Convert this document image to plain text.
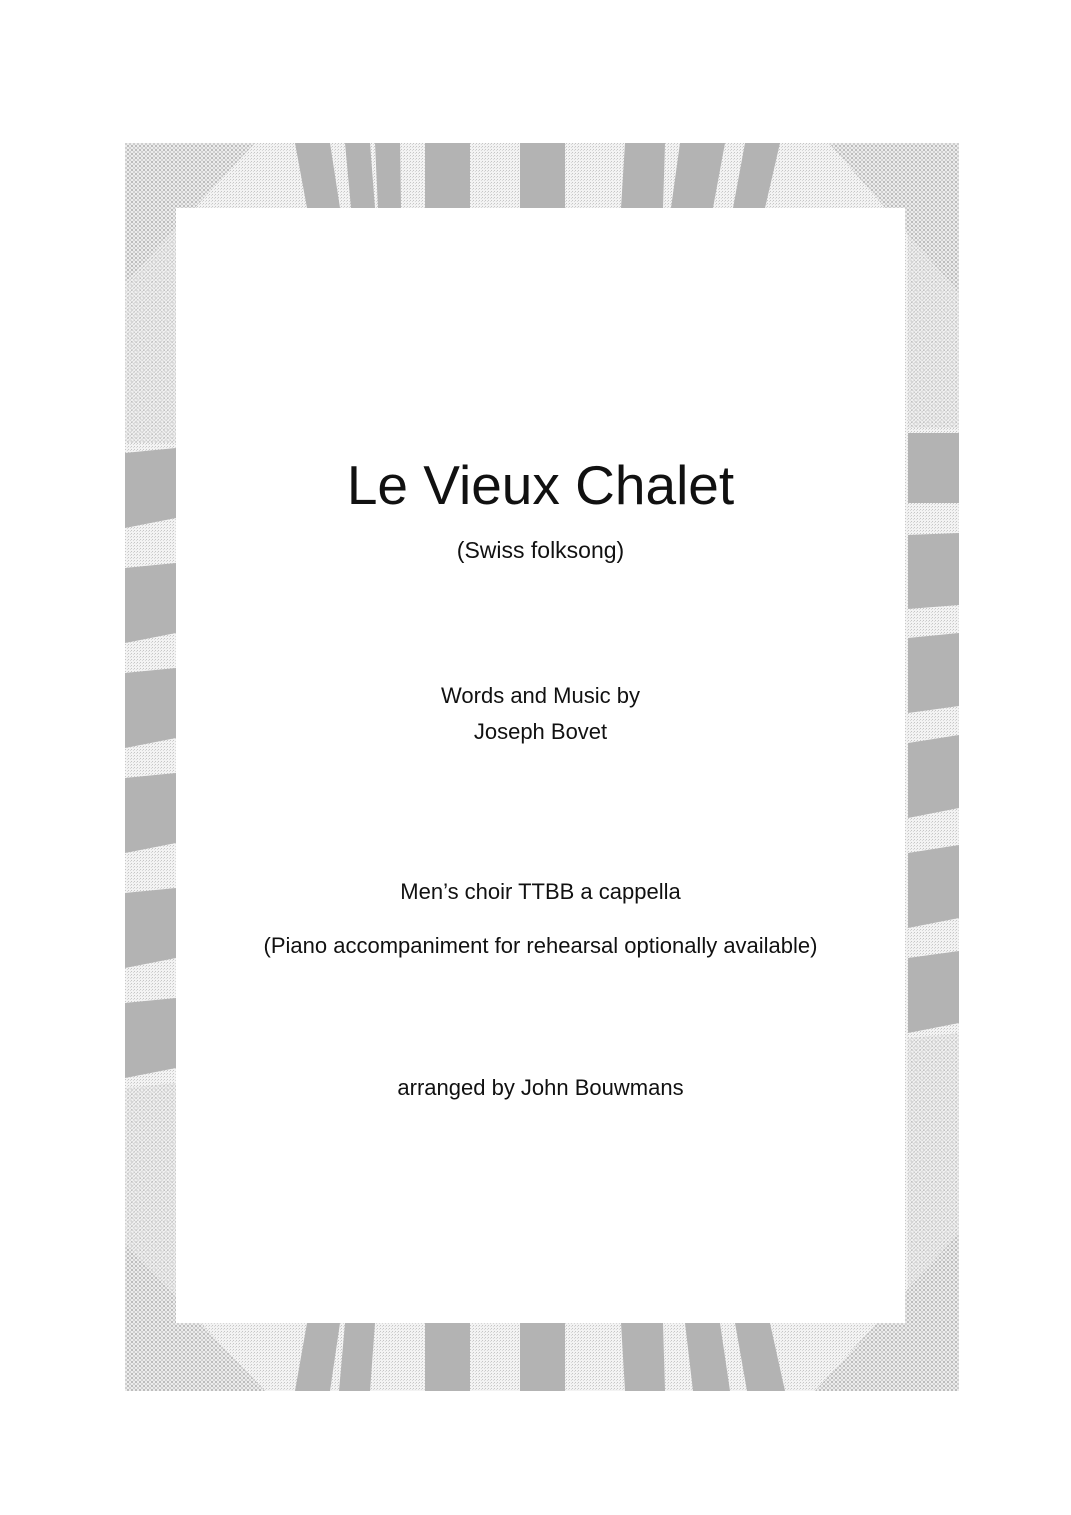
Le Vieux Chalet
(Swiss folksong)
Words and Music by
Joseph Bovet
Men’s choir TTBB a cappella
(Piano accompaniment for rehearsal optionally available)
arranged by John Bouwmans
